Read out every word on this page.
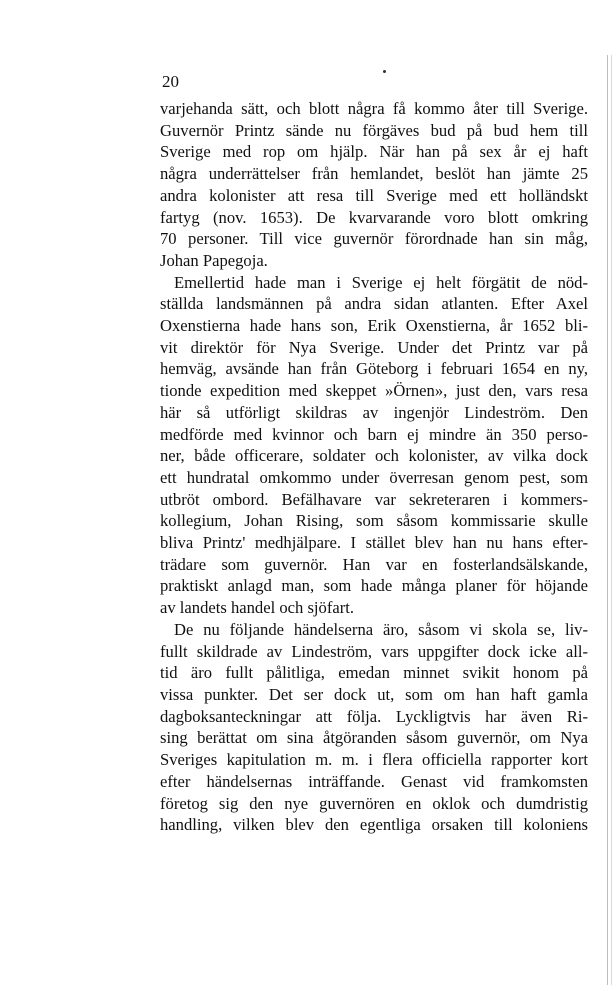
20
varjehanda sätt, och blott några få kommo åter till Sverige.
Guvernör Printz sände nu förgäves bud på bud hem till
Sverige med rop om hjälp. När han på sex år ej haft
några underrättelser från hemlandet, beslöt han jämte 25
andra kolonister att resa till Sverige med ett holländskt
fartyg (nov. 1653). De kvarvarande voro blott omkring
70 personer. Till vice guvernör förordnade han sin måg,
Johan Papegoja.
Emellertid hade man i Sverige ej helt förgätit de nöd-
ställda landsmännen på andra sidan atlanten. Efter Axel
Oxenstierna hade hans son, Erik Oxenstierna, år 1652 bli-
vit direktör för Nya Sverige. Under det Printz var på
hemväg, avsände han från Göteborg i februari 1654 en ny,
tionde expedition med skeppet »Örnen», just den, vars resa
här så utförligt skildras av ingenjör Lindeström. Den
medförde med kvinnor och barn ej mindre än 350 perso-
ner, både officerare, soldater och kolonister, av vilka dock
ett hundratal omkommo under överresan genom pest, som
utbröt ombord. Befälhavare var sekreteraren i kommers-
kollegium, Johan Rising, som såsom kommissarie skulle
bliva Printz' medhjälpare. I stället blev han nu hans efter-
trädare som guvernör. Han var en fosterlandsälskande,
praktiskt anlagd man, som hade många planer för höjande
av landets handel och sjöfart.
De nu följande händelserna äro, såsom vi skola se, liv-
fullt skildrade av Lindeström, vars uppgifter dock icke all-
tid äro fullt pålitliga, emedan minnet svikit honom på
vissa punkter. Det ser dock ut, som om han haft gamla
dagboksanteckningar att följa. Lyckligtvis har även Ri-
sing berättat om sina åtgöranden såsom guvernör, om Nya
Sveriges kapitulation m. m. i flera officiella rapporter kort
efter händelsernas inträffande. Genast vid framkomsten
företog sig den nye guvernören en oklok och dumdristig
handling, vilken blev den egentliga orsaken till koloniens
